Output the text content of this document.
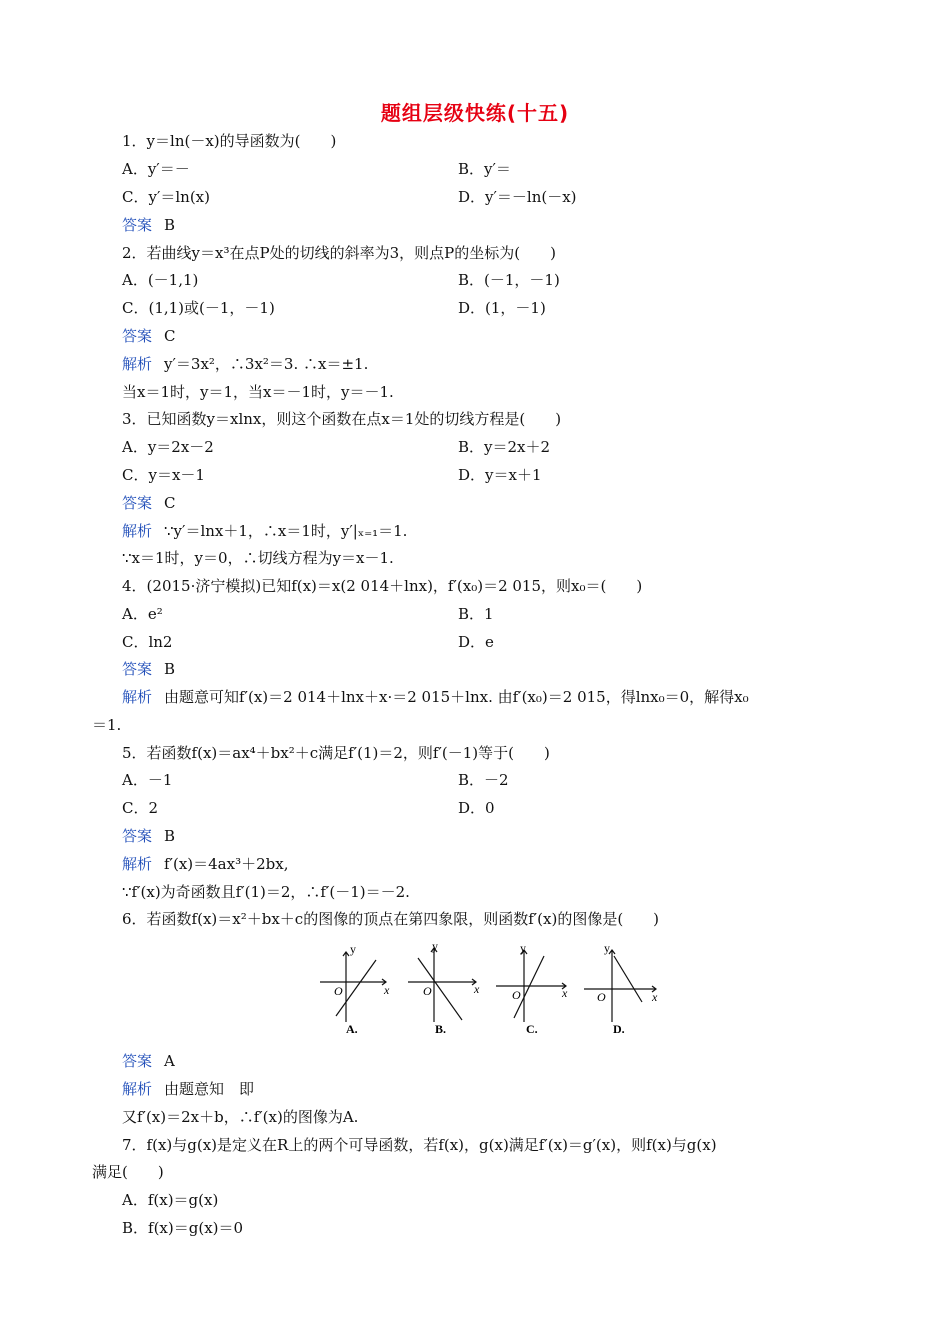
题组层级快练(十五)
1．y＝ln(－x)的导函数为(　　)
A．y′＝－	B．y′＝
C．y′＝ln(x)	D．y′＝－ln(－x)
答案 B
2．若曲线y＝x³在点P处的切线的斜率为3，则点P的坐标为(　　)
A．(－1,1)	B．(－1，－1)
C．(1,1)或(－1，－1)	D．(1，－1)
答案 C
解析 y′＝3x²，∴3x²＝3. ∴x＝±1.
当x＝1时，y＝1，当x＝－1时，y＝－1.
3．已知函数y＝xlnx，则这个函数在点x＝1处的切线方程是(　　)
A．y＝2x－2	B．y＝2x＋2
C．y＝x－1	D．y＝x＋1
答案 C
解析 ∵y′＝lnx＋1，∴x＝1时，y′|ₓ₌₁＝1.
∵x＝1时，y＝0，∴切线方程为y＝x－1.
4．(2015·济宁模拟)已知f(x)＝x(2 014＋lnx)，f′(x₀)＝2 015，则x₀＝(　　)
A．e²	B．1
C．ln2	D．e
答案 B
解析 由题意可知f′(x)＝2 014＋lnx＋x·＝2 015＋lnx. 由f′(x₀)＝2 015，得lnx₀＝0，解得x₀
＝1.
5．若函数f(x)＝ax⁴＋bx²＋c满足f′(1)＝2，则f′(－1)等于(　　)
A．－1	B．－2
C．2	D．0
答案 B
解析 f′(x)＝4ax³＋2bx,
∵f′(x)为奇函数且f′(1)＝2，∴f′(－1)＝－2.
6．若函数f(x)＝x²＋bx＋c的图像的顶点在第四象限，则函数f′(x)的图像是(　　)
y
x
O
A.
y
x
O
B.
y
x
O
C.
y
x
O
D.
答案 A
解析 由题意知　即
又f′(x)＝2x＋b，∴f′(x)的图像为A.
7．f(x)与g(x)是定义在R上的两个可导函数，若f(x)，g(x)满足f′(x)＝g′(x)，则f(x)与g(x)
满足(　　)
A．f(x)＝g(x)
B．f(x)＝g(x)＝0
